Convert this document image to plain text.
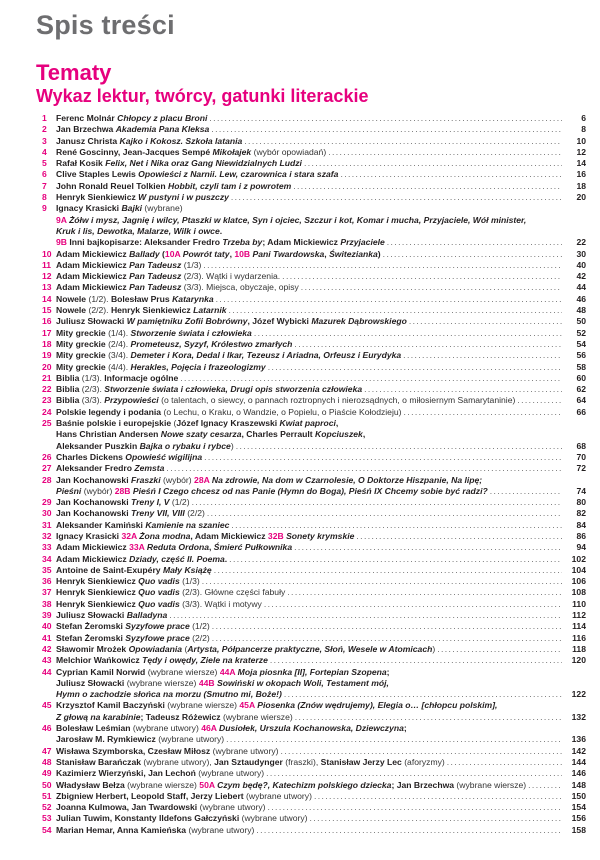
Spis treści
Tematy
Wykaz lektur, twórcy, gatunki literackie
1	Ferenc Molnár Chłopcy z placu Broni . . .	6
2	Jan Brzechwa Akademia Pana Kleksa . . .	8
3	Janusz Christa Kajko i Kokosz. Szkoła latania . . .	10
4	René Goscinny, Jean-Jacques Sempé Mikołajek (wybór opowiadań) . . .	12
5	Rafał Kosik Felix, Net i Nika oraz Gang Niewidzialnych Ludzi . . .	14
6	Clive Staples Lewis Opowieści z Narnii. Lew, czarownica i stara szafa . . .	16
7	John Ronald Reuel Tolkien Hobbit, czyli tam i z powrotem . . .	18
8	Henryk Sienkiewicz W pustyni i w puszczy . . .	20
9	Ignacy Krasicki Bajki (wybrane)
9A Żółw i mysz, Jagnię i wilcy, Ptaszki w klatce, Syn i ojciec, Szczur i kot, Komar i mucha, Przyjaciele, Wół minister,
Kruk i lis, Dewotka, Malarze, Wilk i owce.
9B Inni bajkopisarze: Aleksander Fredro Trzeba by; Adam Mickiewicz Przyjaciele . . .	22
10 Adam Mickiewicz Ballady (10A Powrót taty, 10B Pani Twardowska, Świtezianka) . . .	30
11 Adam Mickiewicz Pan Tadeusz (1/3) . . .	40
12 Adam Mickiewicz Pan Tadeusz (2/3). Wątki i wydarzenia. . . .	42
13 Adam Mickiewicz Pan Tadeusz (3/3). Miejsca, obyczaje, opisy . . .	44
14 Nowele (1/2). Bolesław Prus Katarynka . . .	46
15 Nowele (2/2). Henryk Sienkiewicz Latarnik . . .	48
16 Juliusz Słowacki W pamiętniku Zofii Bobrówny, Józef Wybicki Mazurek Dąbrowskiego . . .	50
17 Mity greckie (1/4). Stworzenie świata i człowieka . . .	52
18 Mity greckie (2/4). Prometeusz, Syzyf, Królestwo zmarłych . . .	54
19 Mity greckie (3/4). Demeter i Kora, Dedal i Ikar, Tezeusz i Ariadna, Orfeusz i Eurydyka . . .	56
20 Mity greckie (4/4). Herakles, Pojęcia i frazeologizmy . . .	58
21 Biblia (1/3). Informacje ogólne . . .	60
22 Biblia (2/3). Stworzenie świata i człowieka, Drugi opis stworzenia człowieka . . .	62
23 Biblia (3/3). Przypowieści (o talentach, o siewcy, o pannach roztropnych i nierozsądnych, o miłosiernym Samarytaninie) . . .	64
24 Polskie legendy i podania (o Lechu, o Kraku, o Wandzie, o Popielu, o Piaście Kołodzieju) . . .	66
25 Baśnie polskie i europejskie (Józef Ignacy Kraszewski Kwiat paproci,
Hans Christian Andersen Nowe szaty cesarza, Charles Perrault Kopciuszek,
Aleksander Puszkin Bajka o rybaku i rybce) . . .	68
26 Charles Dickens Opowieść wigilijna . . .	70
27 Aleksander Fredro Zemsta . . .	72
28 Jan Kochanowski Fraszki (wybór) 28A Na zdrowie, Na dom w Czarnolesie, O Doktorze Hiszpanie, Na lipę;
Pieśni (wybór) 28B Pieśń I Czego chcesz od nas Panie (Hymn do Boga), Pieśń IX Chcemy sobie być radzi? . . .	74
29 Jan Kochanowski Treny I, V (1/2) . . .	80
30 Jan Kochanowski Treny VII, VIII (2/2) . . .	82
31 Aleksander Kamiński Kamienie na szaniec . . .	84
32 Ignacy Krasicki 32A Żona modna, Adam Mickiewicz 32B Sonety krymskie . . .	86
33 Adam Mickiewicz 33A Reduta Ordona, Śmierć Pułkownika . . .	94
34 Adam Mickiewicz Dziady, część II. Poema. . . .	102
35 Antoine de Saint-Exupéry Mały Książę . . .	104
36 Henryk Sienkiewicz Quo vadis (1/3) . . .	106
37 Henryk Sienkiewicz Quo vadis (2/3). Główne części fabuły . . .	108
38 Henryk Sienkiewicz Quo vadis (3/3). Wątki i motywy . . .	110
39 Juliusz Słowacki Balladyna . . .	112
40 Stefan Żeromski Syzyfowe prace (1/2) . . .	114
41 Stefan Żeromski Syzyfowe prace (2/2) . . .	116
42 Sławomir Mrożek Opowiadania (Artysta, Półpancerze praktyczne, Słoń, Wesele w Atomicach) . . .	118
43 Melchior Wańkowicz Tędy i owędy, Ziele na kraterze . . .	120
44 Cyprian Kamil Norwid (wybrane wiersze) 44A Moja piosnka [II], Fortepian Szopena;
Juliusz Słowacki (wybrane wiersze) 44B Sowiński w okopach Woli, Testament mój,
Hymn o zachodzie słońca na morzu (Smutno mi, Boże!) . . .	122
45 Krzysztof Kamil Baczyński (wybrane wiersze) 45A Piosenka (Znów wędrujemy), Elegia o… [chłopcu polskim],
Z głową na karabinie; Tadeusz Różewicz (wybrane wiersze) . . .	132
46 Bolesław Leśmian (wybrane utwory) 46A Dusiołek, Urszula Kochanowska, Dziewczyna;
Jarosław M. Rymkiewicz (wybrane utwory) . . .	136
47 Wisława Szymborska, Czesław Miłosz (wybrane utwory) . . .	142
48 Stanisław Barańczak (wybrane utwory), Jan Sztaudynger (fraszki), Stanisław Jerzy Lec (aforyzmy) . . .	144
49 Kazimierz Wierzyński, Jan Lechoń (wybrane utwory) . . .	146
50 Władysław Bełza (wybrane wiersze) 50A Czym będę?, Katechizm polskiego dziecka; Jan Brzechwa (wybrane wiersze) . . .	148
51 Zbigniew Herbert, Leopold Staff, Jerzy Liebert (wybrane utwory) . . .	150
52 Joanna Kulmowa, Jan Twardowski (wybrane utwory) . . .	154
53 Julian Tuwim, Konstanty Ildefons Gałczyński (wybrane utwory) . . .	156
54 Marian Hemar, Anna Kamieńska (wybrane utwory) . . .	158
